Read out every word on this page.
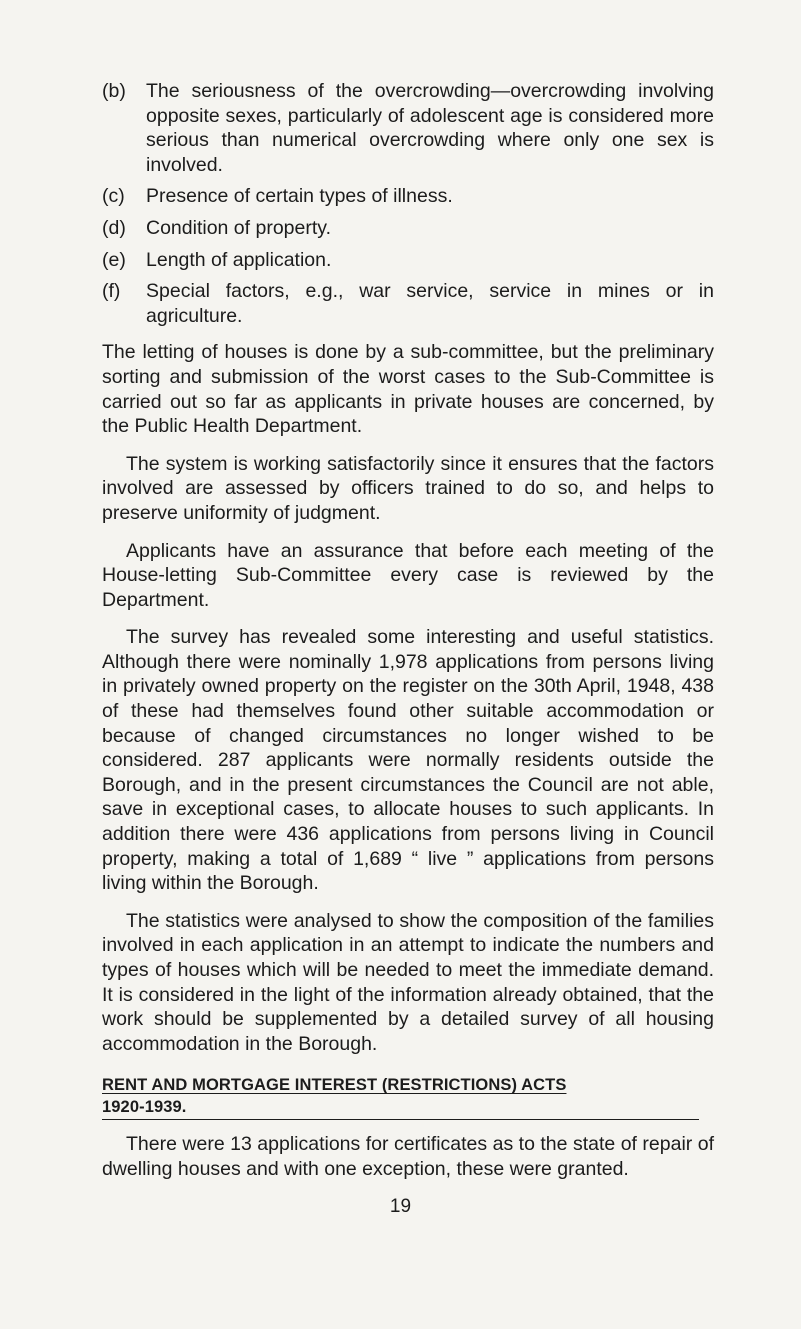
(b)	The seriousness of the overcrowding—overcrowding involving opposite sexes, particularly of adolescent age is considered more serious than numerical overcrowding where only one sex is involved.
(c)	Presence of certain types of illness.
(d)	Condition of property.
(e)	Length of application.
(f)	Special factors, e.g., war service, service in mines or in agriculture.

The letting of houses is done by a sub-committee, but the preliminary sorting and submission of the worst cases to the Sub-Committee is carried out so far as applicants in private houses are concerned, by the Public Health Department.

The system is working satisfactorily since it ensures that the factors involved are assessed by officers trained to do so, and helps to preserve uniformity of judgment.

Applicants have an assurance that before each meeting of the House-letting Sub-Committee every case is reviewed by the Department.

The survey has revealed some interesting and useful statistics. Although there were nominally 1,978 applications from persons living in privately owned property on the register on the 30th April, 1948, 438 of these had themselves found other suitable accommodation or because of changed circumstances no longer wished to be considered. 287 applicants were normally residents outside the Borough, and in the present circumstances the Council are not able, save in exceptional cases, to allocate houses to such applicants. In addition there were 436 applications from persons living in Council property, making a total of 1,689 “ live ” applications from persons living within the Borough.

The statistics were analysed to show the composition of the families involved in each application in an attempt to indicate the numbers and types of houses which will be needed to meet the immediate demand. It is considered in the light of the information already obtained, that the work should be supplemented by a detailed survey of all housing accommodation in the Borough.

RENT AND MORTGAGE INTEREST (RESTRICTIONS) ACTS
1920-1939.

There were 13 applications for certificates as to the state of repair of dwelling houses and with one exception, these were granted.

19
